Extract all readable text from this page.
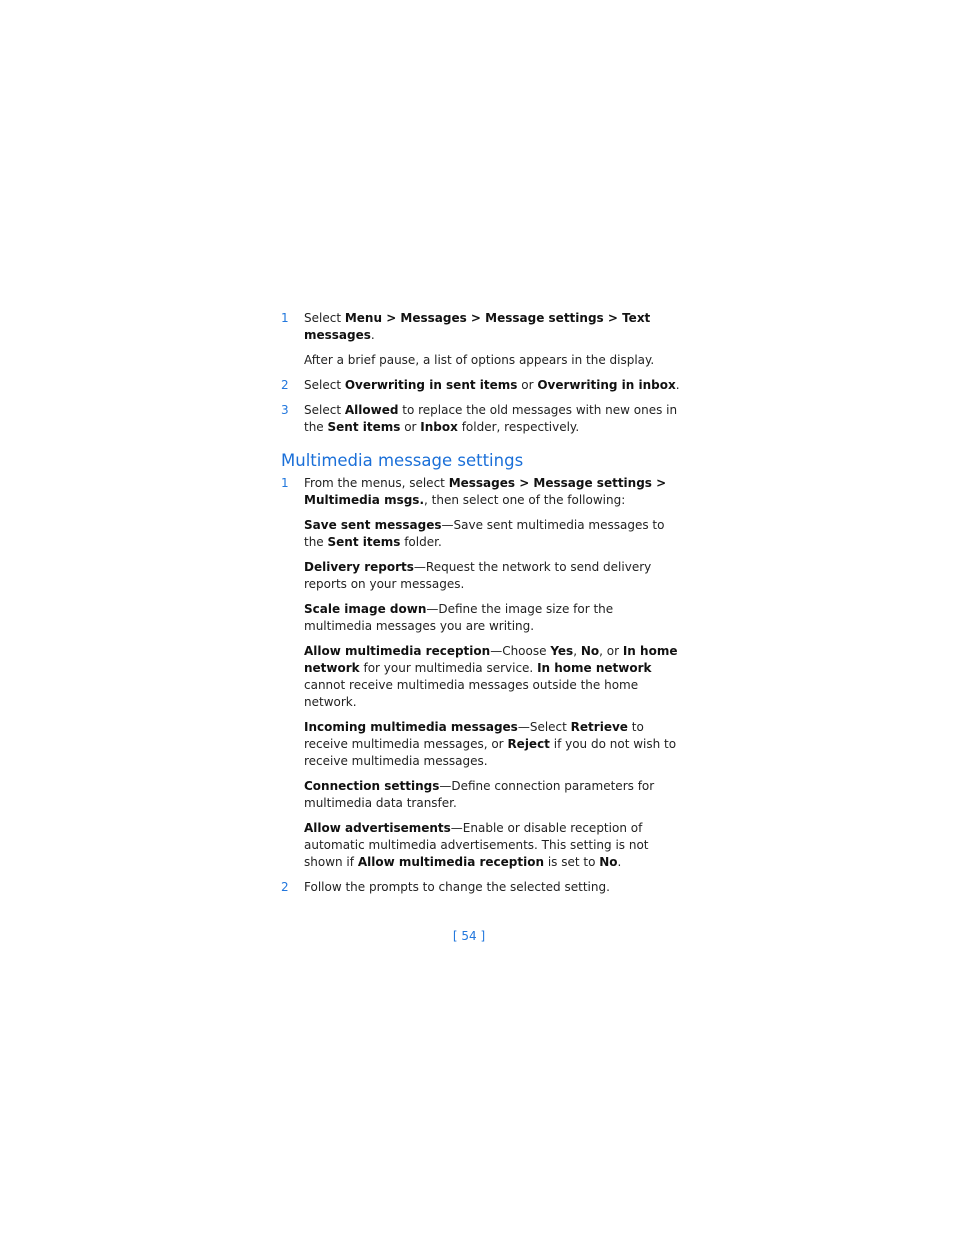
1 Select Menu > Messages > Message settings > Text messages.

After a brief pause, a list of options appears in the display.

2 Select Overwriting in sent items or Overwriting in inbox.

3 Select Allowed to replace the old messages with new ones in the Sent items or Inbox folder, respectively.

Multimedia message settings

1 From the menus, select Messages > Message settings > Multimedia msgs., then select one of the following:

Save sent messages—Save sent multimedia messages to the Sent items folder.

Delivery reports—Request the network to send delivery reports on your messages.

Scale image down—Define the image size for the multimedia messages you are writing.

Allow multimedia reception—Choose Yes, No, or In home network for your multimedia service. In home network cannot receive multimedia messages outside the home network.

Incoming multimedia messages—Select Retrieve to receive multimedia messages, or Reject if you do not wish to receive multimedia messages.

Connection settings—Define connection parameters for multimedia data transfer.

Allow advertisements—Enable or disable reception of automatic multimedia advertisements. This setting is not shown if Allow multimedia reception is set to No.

2 Follow the prompts to change the selected setting.

[ 54 ]
